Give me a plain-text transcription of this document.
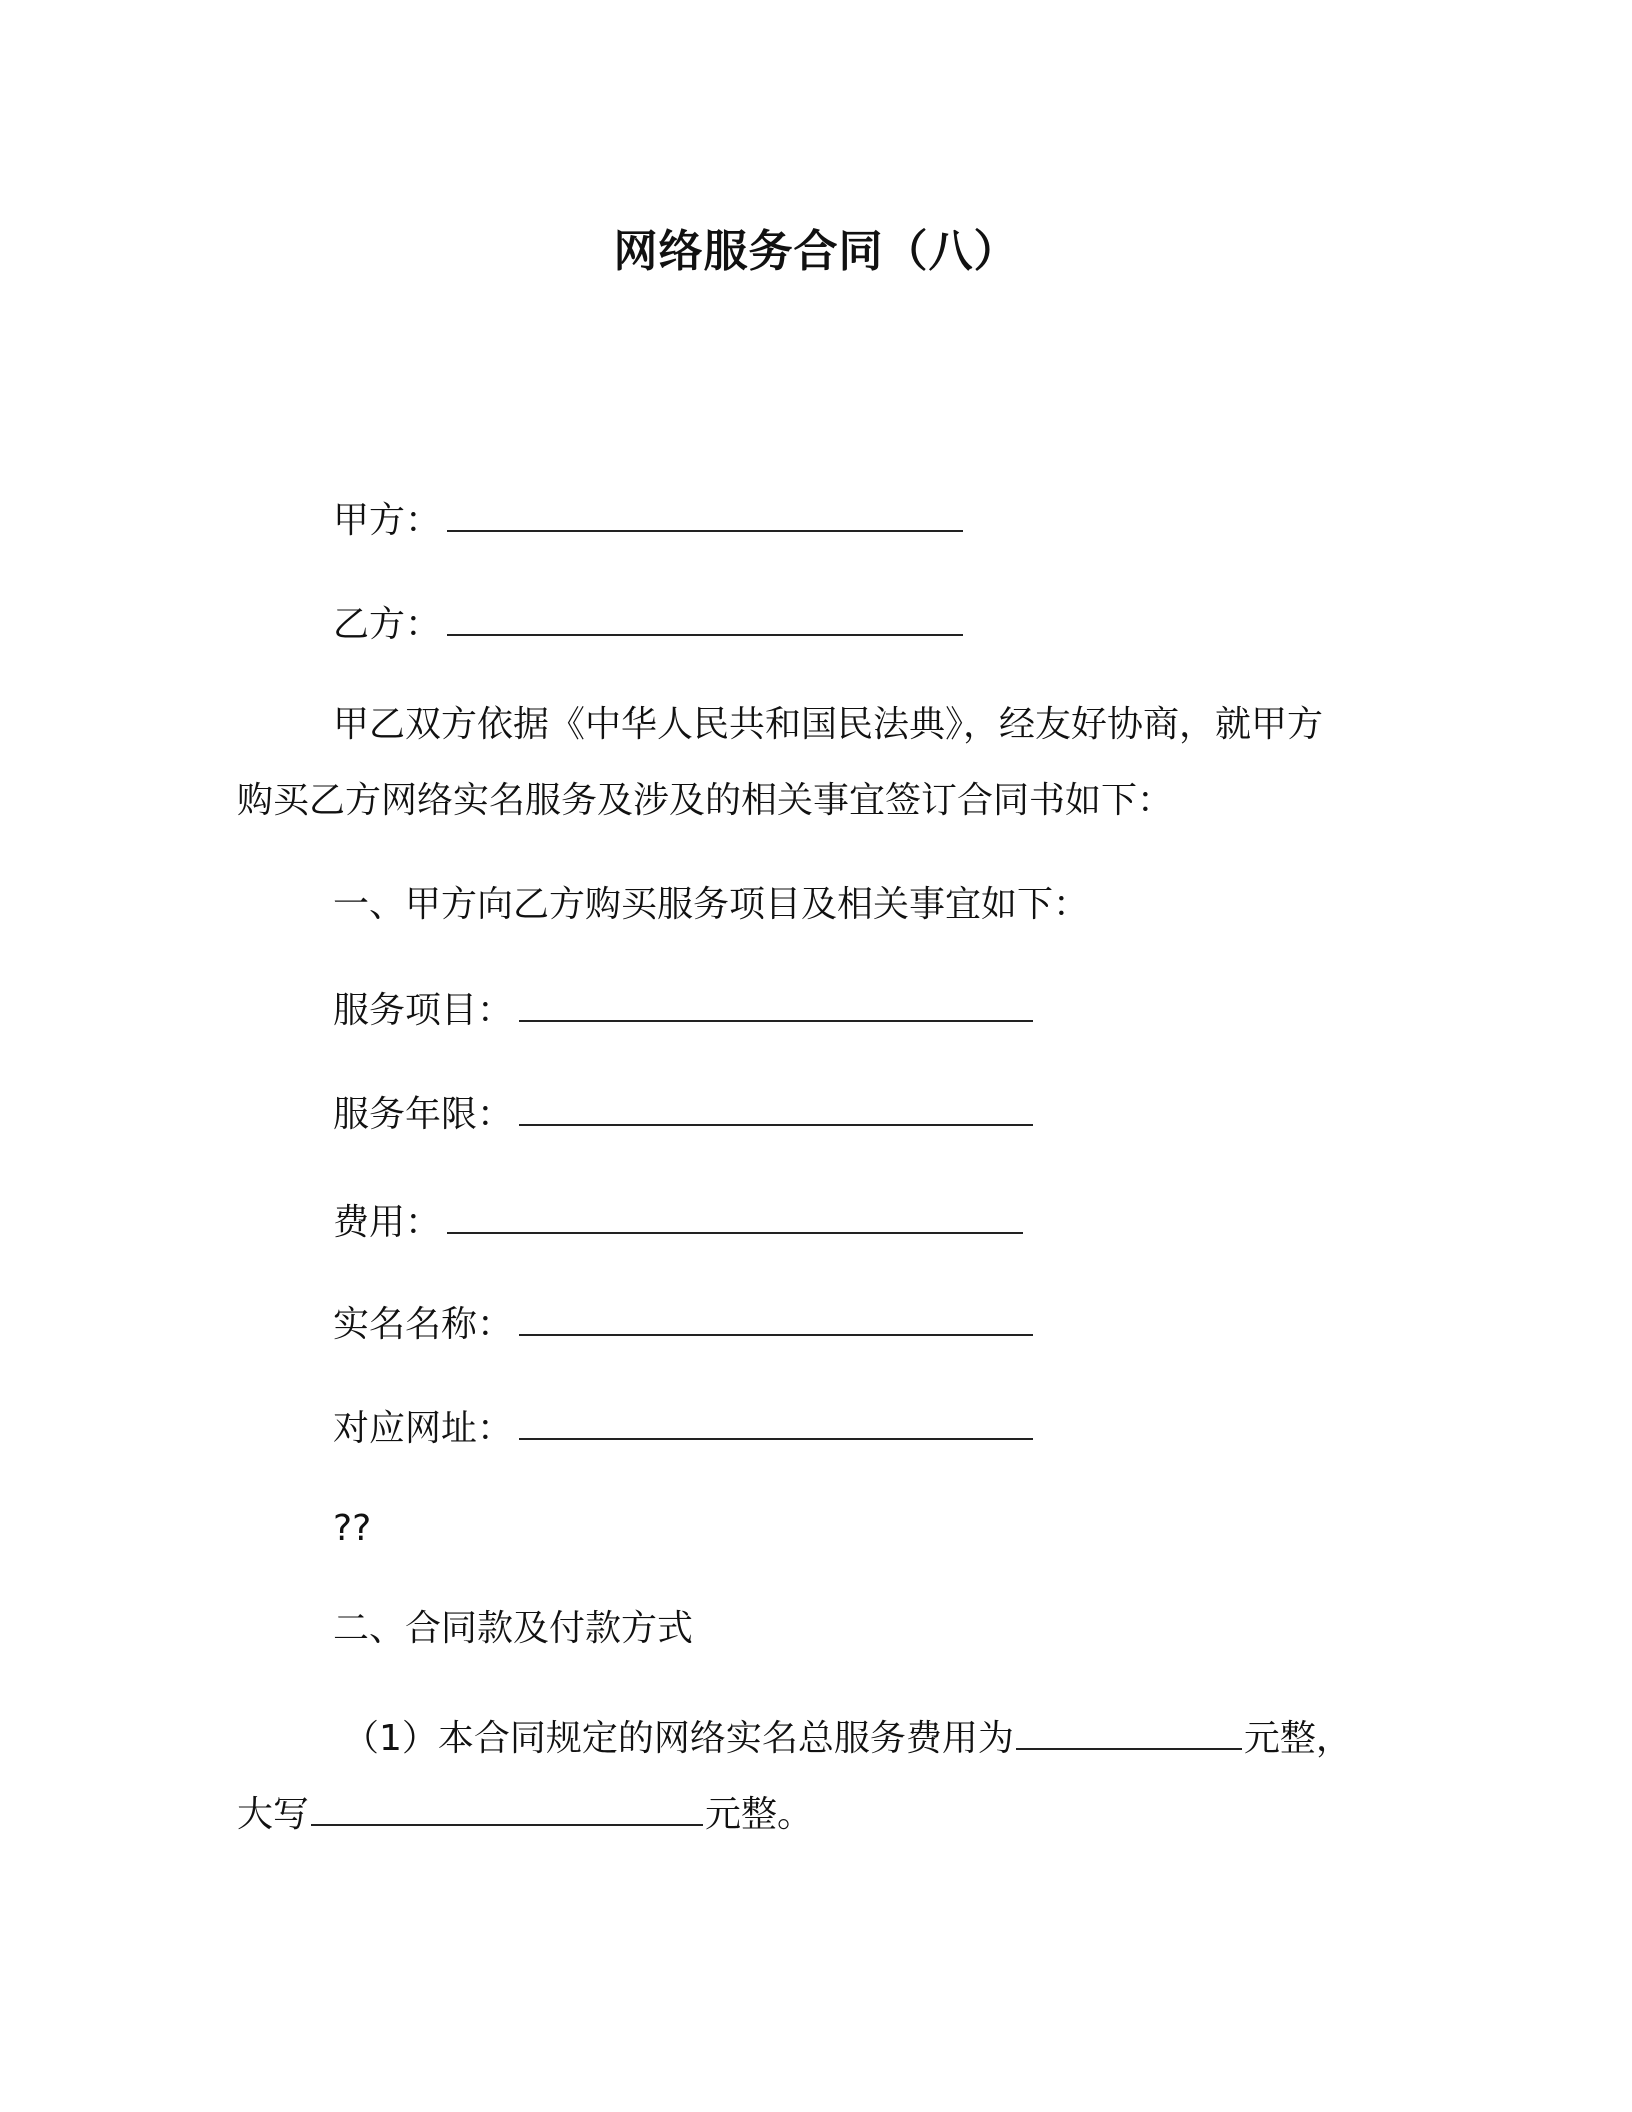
网络服务合同（八）
甲方：
乙方：
甲乙双方依据《中华人民共和国民法典》，经友好协商，就甲方
购买乙方网络实名服务及涉及的相关事宜签订合同书如下：
一、甲方向乙方购买服务项目及相关事宜如下：
服务项目：
服务年限：
费用：
实名名称：
对应网址：
??
二、合同款及付款方式
（1）本合同规定的网络实名总服务费用为	元整，
大写	元整。
